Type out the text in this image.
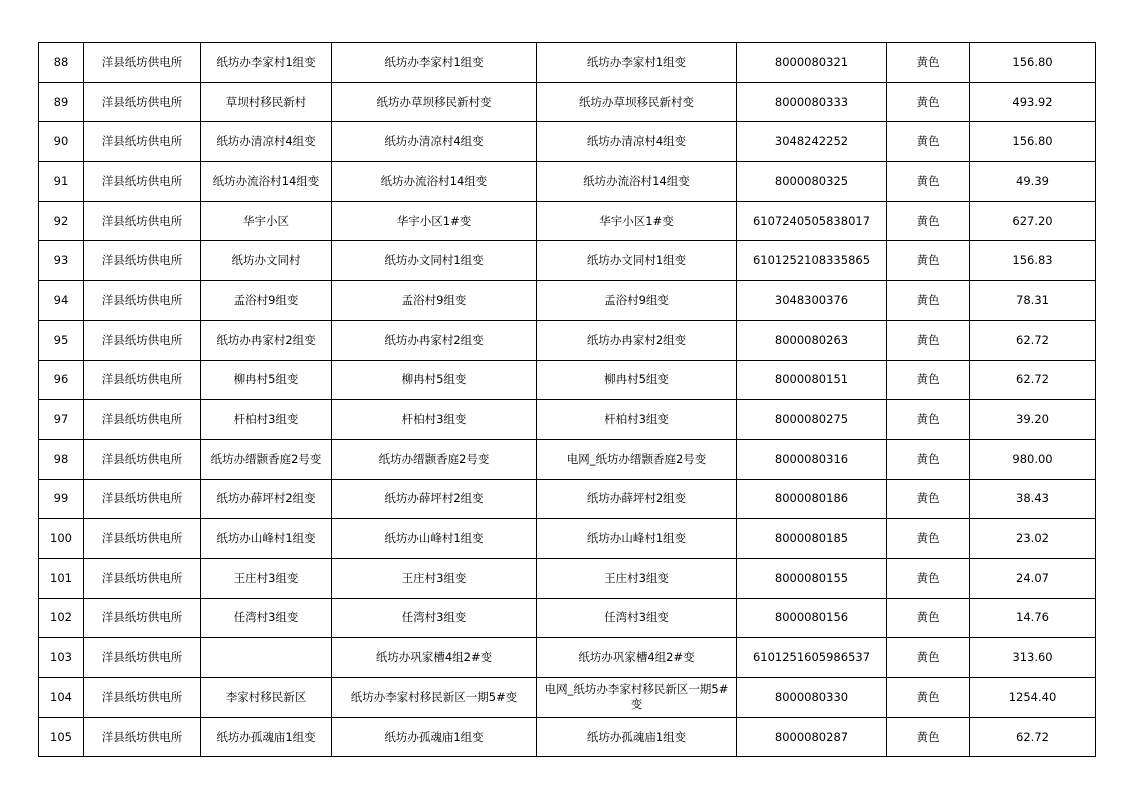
88	洋县纸坊供电所	纸坊办李家村1组变	纸坊办李家村1组变	纸坊办李家村1组变	8000080321	黄色	156.80
89	洋县纸坊供电所	草坝村移民新村	纸坊办草坝移民新村变	纸坊办草坝移民新村变	8000080333	黄色	493.92
90	洋县纸坊供电所	纸坊办清凉村4组变	纸坊办清凉村4组变	纸坊办清凉村4组变	3048242252	黄色	156.80
91	洋县纸坊供电所	纸坊办流浴村14组变	纸坊办流浴村14组变	纸坊办流浴村14组变	8000080325	黄色	49.39
92	洋县纸坊供电所	华宇小区	华宇小区1#变	华宇小区1#变	6107240505838017	黄色	627.20
93	洋县纸坊供电所	纸坊办文同村	纸坊办文同村1组变	纸坊办文同村1组变	6101252108335865	黄色	156.83
94	洋县纸坊供电所	孟浴村9组变	孟浴村9组变	孟浴村9组变	3048300376	黄色	78.31
95	洋县纸坊供电所	纸坊办冉家村2组变	纸坊办冉家村2组变	纸坊办冉家村2组变	8000080263	黄色	62.72
96	洋县纸坊供电所	柳冉村5组变	柳冉村5组变	柳冉村5组变	8000080151	黄色	62.72
97	洋县纸坊供电所	杆柏村3组变	杆柏村3组变	杆柏村3组变	8000080275	黄色	39.20
98	洋县纸坊供电所	纸坊办缙颢香庭2号变	纸坊办缙颢香庭2号变	电网_纸坊办缙颢香庭2号变	8000080316	黄色	980.00
99	洋县纸坊供电所	纸坊办薛坪村2组变	纸坊办薛坪村2组变	纸坊办薛坪村2组变	8000080186	黄色	38.43
100	洋县纸坊供电所	纸坊办山峰村1组变	纸坊办山峰村1组变	纸坊办山峰村1组变	8000080185	黄色	23.02
101	洋县纸坊供电所	王庄村3组变	王庄村3组变	王庄村3组变	8000080155	黄色	24.07
102	洋县纸坊供电所	任湾村3组变	任湾村3组变	任湾村3组变	8000080156	黄色	14.76
103	洋县纸坊供电所		纸坊办巩家槽4组2#变	纸坊办巩家槽4组2#变	6101251605986537	黄色	313.60
104	洋县纸坊供电所	李家村移民新区	纸坊办李家村移民新区一期5#变	电网_纸坊办李家村移民新区一期5#变	8000080330	黄色	1254.40
105	洋县纸坊供电所	纸坊办孤魂庙1组变	纸坊办孤魂庙1组变	纸坊办孤魂庙1组变	8000080287	黄色	62.72
